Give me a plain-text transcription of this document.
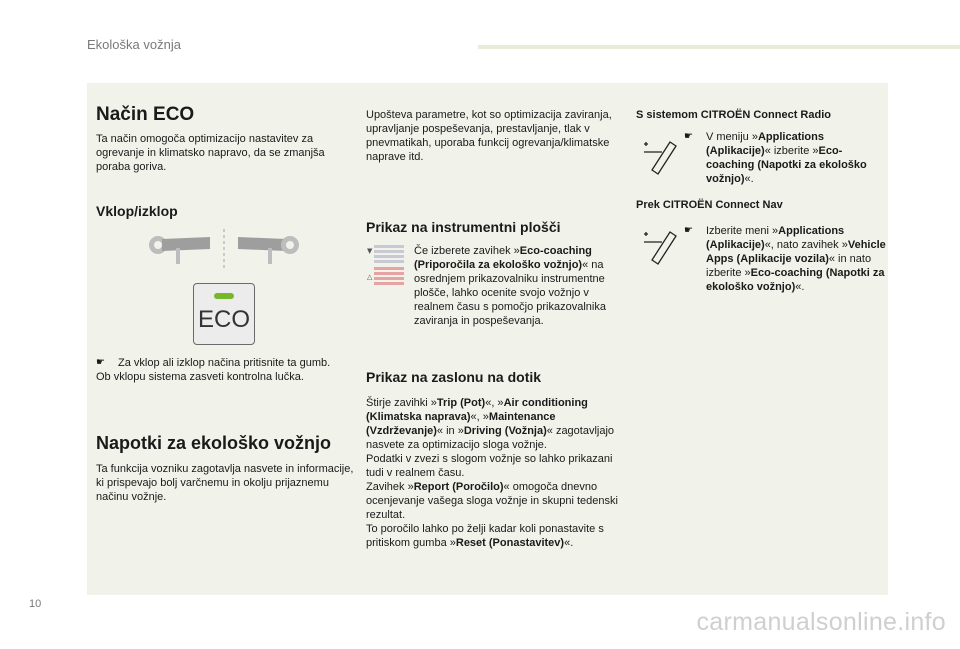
Ekološka vožnja
Način ECO

Ta način omogoča optimizacijo nastavitev za ogrevanje in klimatsko napravo, da se zmanjša poraba goriva.

Vklop/izklop
ECO
☛	Za vklop ali izklop načina pritisnite ta gumb.

Ob vklopu sistema zasveti kontrolna lučka.

Napotki za ekološko vožnjo

Ta funkcija vozniku zagotavlja nasvete in informacije, ki prispevajo bolj varčnemu in okolju prijaznemu načinu vožnje.

Upošteva parametre, kot so optimizacija zaviranja, upravljanje pospeševanja, prestavljanje, tlak v pnevmatikah, uporaba funkcij ogrevanja/klimatske naprave itd.

Prikaz na instrumentni plošči
▼
△

Če izberete zavihek »Eco-coaching (Priporočila za ekološko vožnjo)« na osrednjem prikazovalniku instrumentne plošče, lahko ocenite svojo vožnjo v realnem času s pomočjo prikazovalnika zaviranja in pospeševanja.

Prikaz na zaslonu na dotik

Štirje zavihki »Trip (Pot)«, »Air conditioning (Klimatska naprava)«, »Maintenance (Vzdrževanje)« in »Driving (Vožnja)« zagotavljajo nasvete za optimizacijo sloga vožnje.

Podatki v zvezi s slogom vožnje so lahko prikazani tudi v realnem času.

Zavihek »Report (Poročilo)« omogoča dnevno ocenjevanje vašega sloga vožnje in skupni tedenski rezultat.

To poročilo lahko po želji kadar koli ponastavite s pritiskom gumba »Reset (Ponastavitev)«.

S sistemom CITROËN Connect Radio
☛	V meniju »Applications (Aplikacije)« izberite »Eco-coaching (Napotki za ekološko vožnjo)«.
Prek CITROËN Connect Nav
☛	Izberite meni »Applications (Aplikacije)«, nato zavihek »Vehicle Apps (Aplikacije vozila)« in nato izberite »Eco-coaching (Napotki za ekološko vožnjo)«.
10
carmanualsonline.info
